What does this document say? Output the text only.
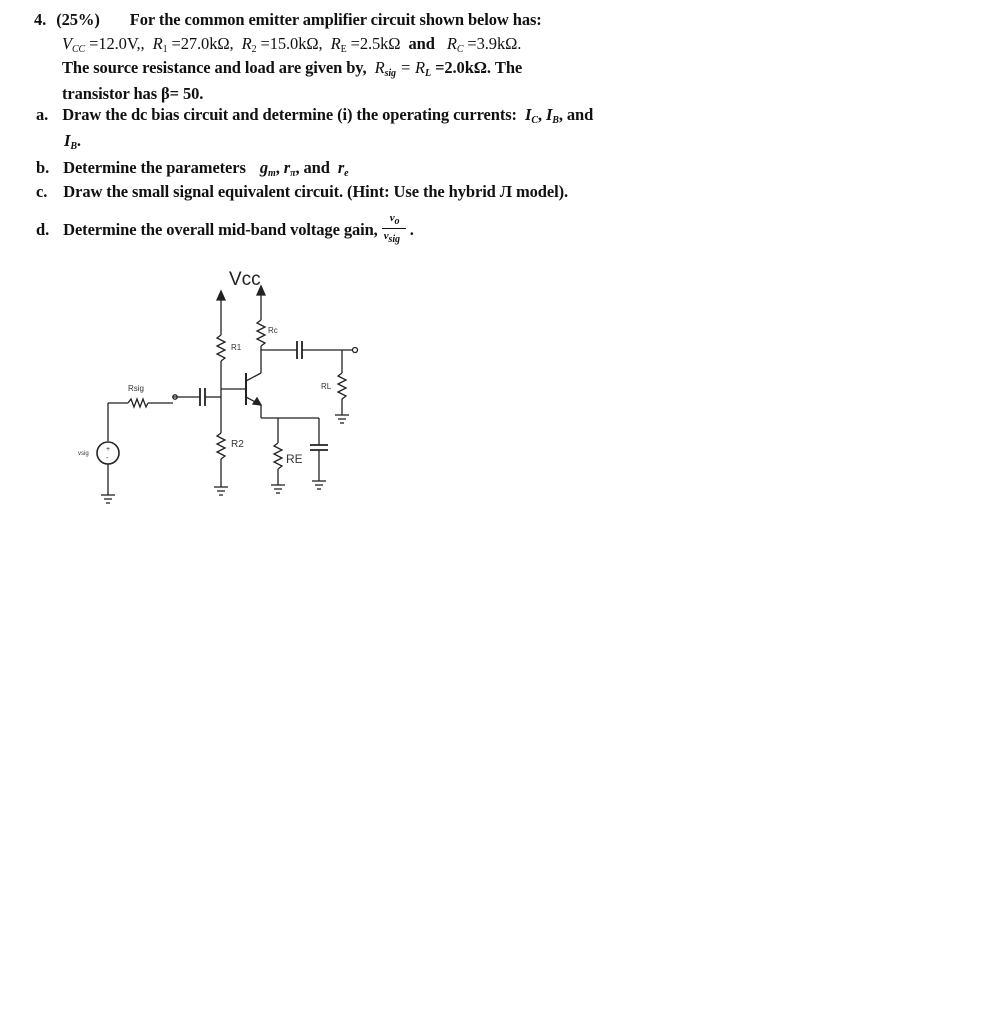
4. (25%) For the common emitter amplifier circuit shown below has:
$V_{CC} =12.0V$,, $R_1 =27.0k\Omega$, $R_2 =15.0k\Omega$, $R_E =2.5k\Omega$ and $R_C =3.9k\Omega$.
The source resistance and load are given by, $R_{sig} = R_L =2.0k\Omega$. The
transistor has β= 50.
a. Draw the dc bias circuit and determine (i) the operating currents: $I_C$, $I_B$, and
$I_B$.
b. Determine the parameters $g_m$, $r_\pi$, and $r_e$
c. Draw the small signal equivalent circuit. (Hint: Use the hybrid Л model).
d. Determine the overall mid-band voltage gain, $\frac{v_o}{v_{sig}}$ .
+
-
Vcc
R1
Rc
Rsig	RL
R2
RE
vsig
